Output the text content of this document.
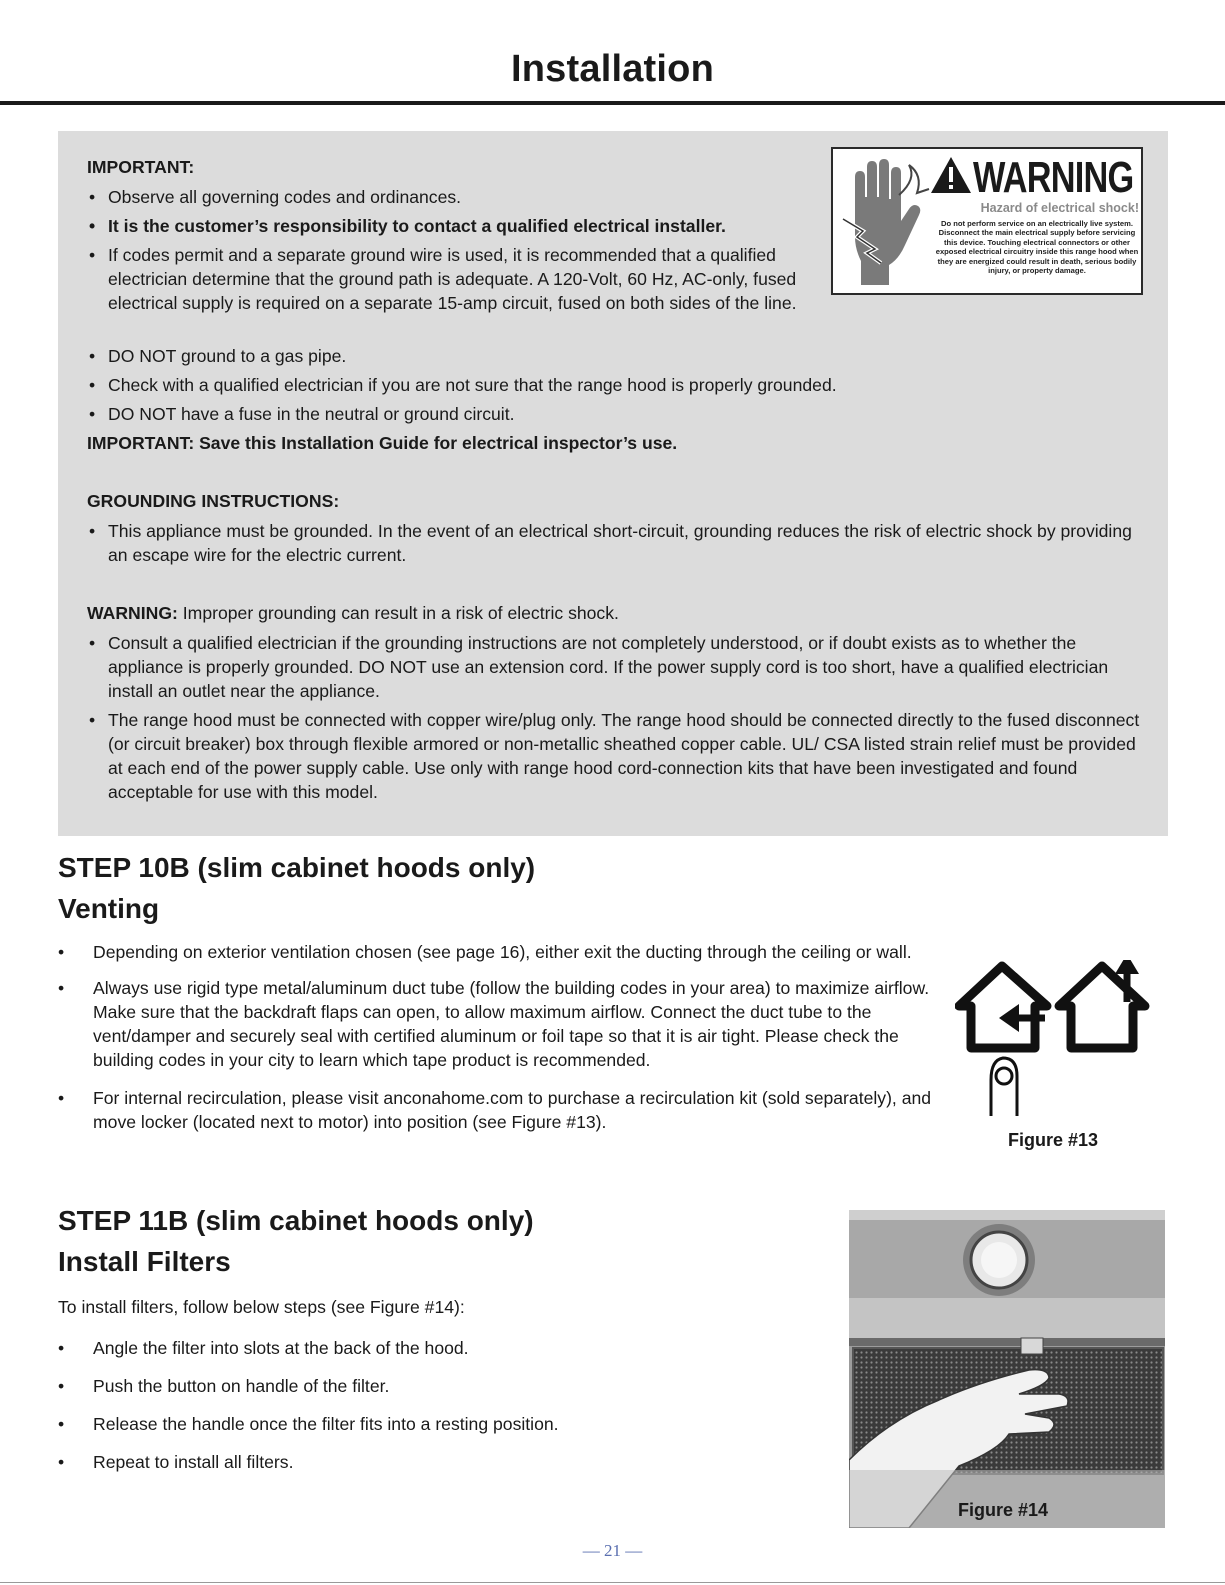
Installation
IMPORTANT:
• Observe all governing codes and ordinances.
• It is the customer’s responsibility to contact a qualified electrical installer.
• If codes permit and a separate ground wire is used, it is recommended that a qualified electrician determine that the ground path is adequate. A 120-Volt, 60 Hz, AC-only, fused electrical supply is required on a separate 15-amp circuit, fused on both sides of the line.
• DO NOT ground to a gas pipe.
• Check with a qualified electrician if you are not sure that the range hood is properly grounded.
• DO NOT have a fuse in the neutral or ground circuit.
IMPORTANT: Save this Installation Guide for electrical inspector’s use.
GROUNDING INSTRUCTIONS:
• This appliance must be grounded. In the event of an electrical short-circuit, grounding reduces the risk of electric shock by providing an escape wire for the electric current.
WARNING: Improper grounding can result in a risk of electric shock.
• Consult a qualified electrician if the grounding instructions are not completely understood, or if doubt exists as to whether the appliance is properly grounded. DO NOT use an extension cord. If the power supply cord is too short, have a qualified electrician install an outlet near the appliance.
• The range hood must be connected with copper wire/plug only. The range hood should be connected directly to the fused disconnect (or circuit breaker) box through flexible armored or non-metallic sheathed copper cable. UL/ CSA listed strain relief must be provided at each end of the power supply cable. Use only with range hood cord-connection kits that have been investigated and found acceptable for use with this model.
WARNING
Hazard of electrical shock!
Do not perform service on an electrically live system. Disconnect the main electrical supply before servicing this device. Touching electrical connectors or other exposed electrical circuitry inside this range hood when they are energized could result in death, serious bodily injury, or property damage.
STEP 10B (slim cabinet hoods only)
Venting
• Depending on exterior ventilation chosen (see page 16), either exit the ducting through the ceiling or wall.
• Always use rigid type metal/aluminum duct tube (follow the building codes in your area) to maximize airflow. Make sure that the backdraft flaps can open, to allow maximum airflow. Connect the duct tube to the vent/damper and securely seal with certified aluminum or foil tape so that it is air tight. Please check the building codes in your city to learn which tape product is recommended.
• For internal recirculation, please visit anconahome.com to purchase a recirculation kit (sold separately), and move locker (located next to motor) into position (see Figure #13).
Figure #13
STEP 11B (slim cabinet hoods only)
Install Filters
To install filters, follow below steps (see Figure #14):
• Angle the filter into slots at the back of the hood.
• Push the button on handle of the filter.
• Release the handle once the filter fits into a resting position.
• Repeat to install all filters.
Figure #14
— 21 —
